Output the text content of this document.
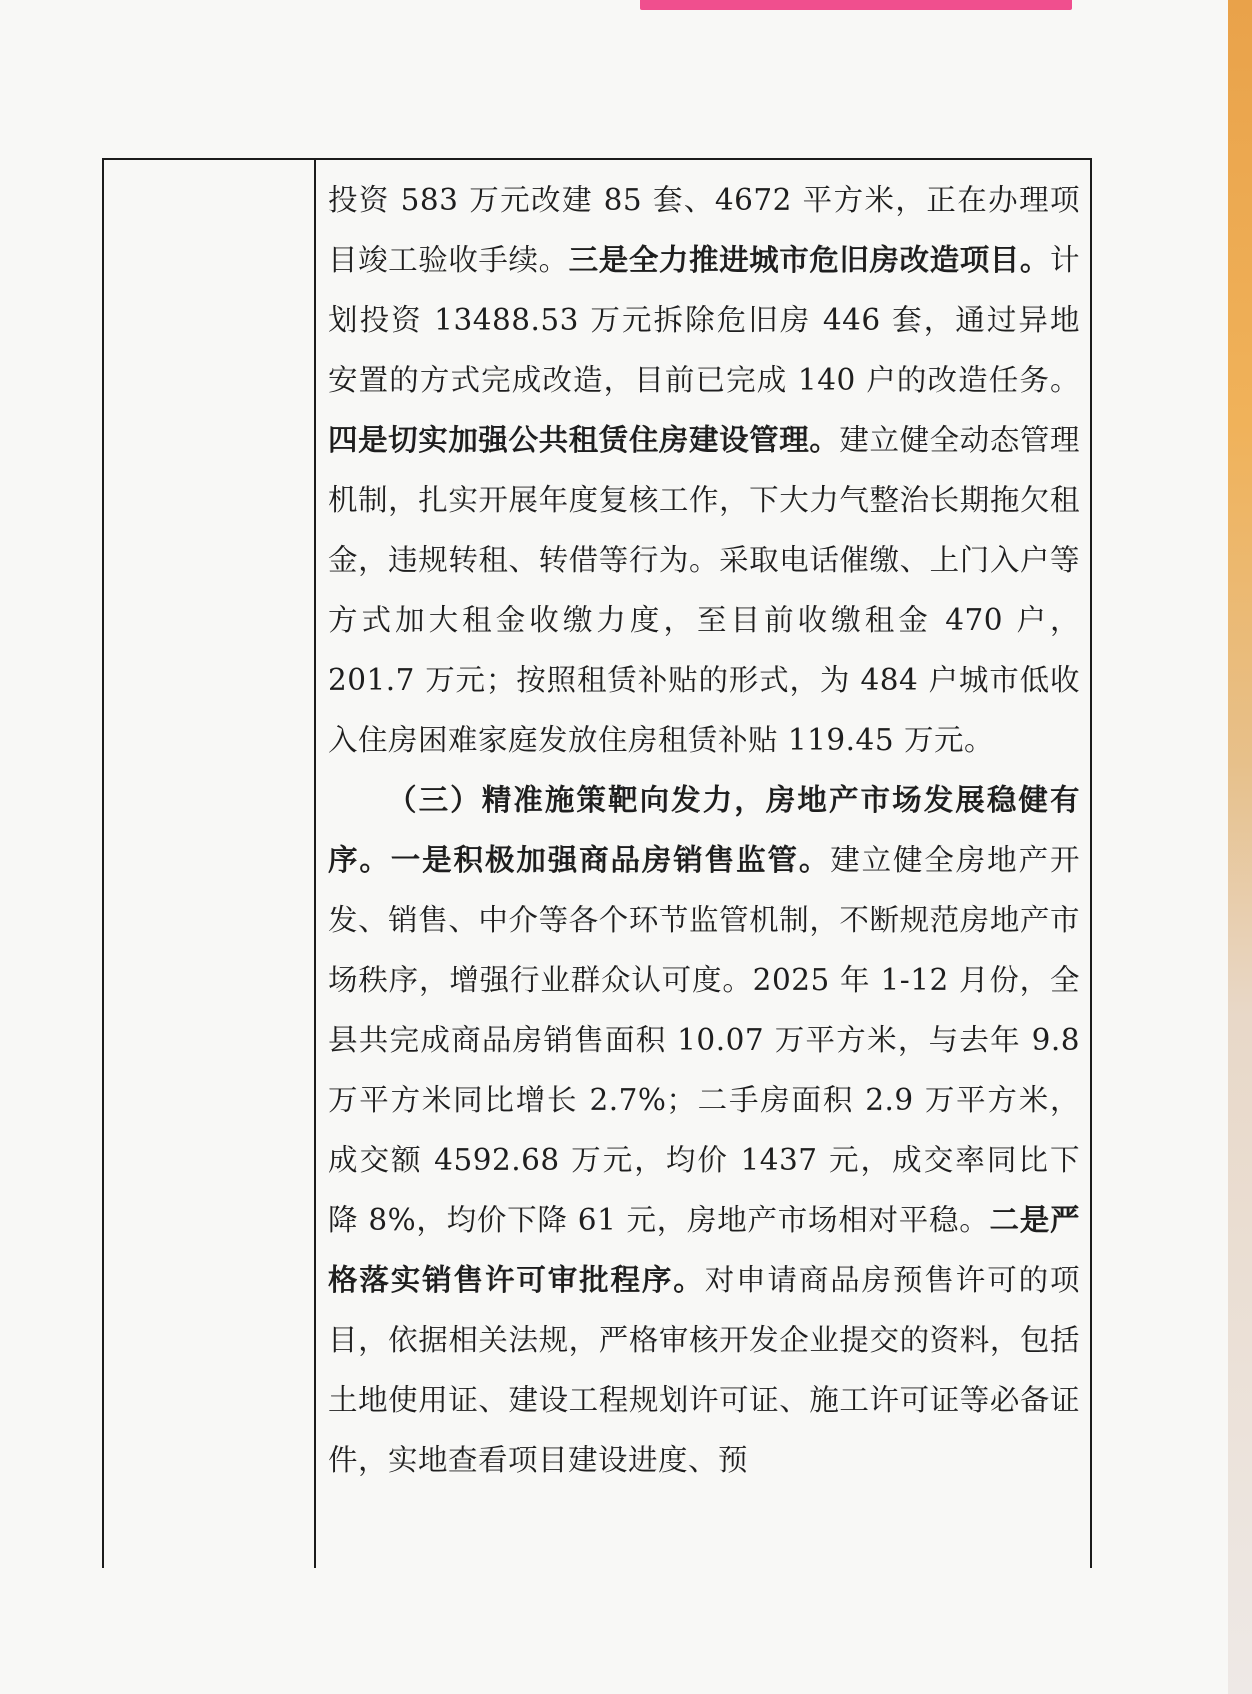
投资 583 万元改建 85 套、4672 平方米，正在办理项目竣工验收手续。三是全力推进城市危旧房改造项目。计划投资 13488.53 万元拆除危旧房 446 套，通过异地安置的方式完成改造，目前已完成 140 户的改造任务。四是切实加强公共租赁住房建设管理。建立健全动态管理机制，扎实开展年度复核工作，下大力气整治长期拖欠租金，违规转租、转借等行为。采取电话催缴、上门入户等方式加大租金收缴力度，至目前收缴租金 470 户，201.7 万元；按照租赁补贴的形式，为 484 户城市低收入住房困难家庭发放住房租赁补贴 119.45 万元。

（三）精准施策靶向发力，房地产市场发展稳健有序。一是积极加强商品房销售监管。建立健全房地产开发、销售、中介等各个环节监管机制，不断规范房地产市场秩序，增强行业群众认可度。2025 年 1-12 月份，全县共完成商品房销售面积 10.07 万平方米，与去年 9.8 万平方米同比增长 2.7%；二手房面积 2.9 万平方米，成交额 4592.68 万元，均价 1437 元，成交率同比下降 8%，均价下降 61 元，房地产市场相对平稳。二是严格落实销售许可审批程序。对申请商品房预售许可的项目，依据相关法规，严格审核开发企业提交的资料，包括土地使用证、建设工程规划许可证、施工许可证等必备证件，实地查看项目建设进度、预
